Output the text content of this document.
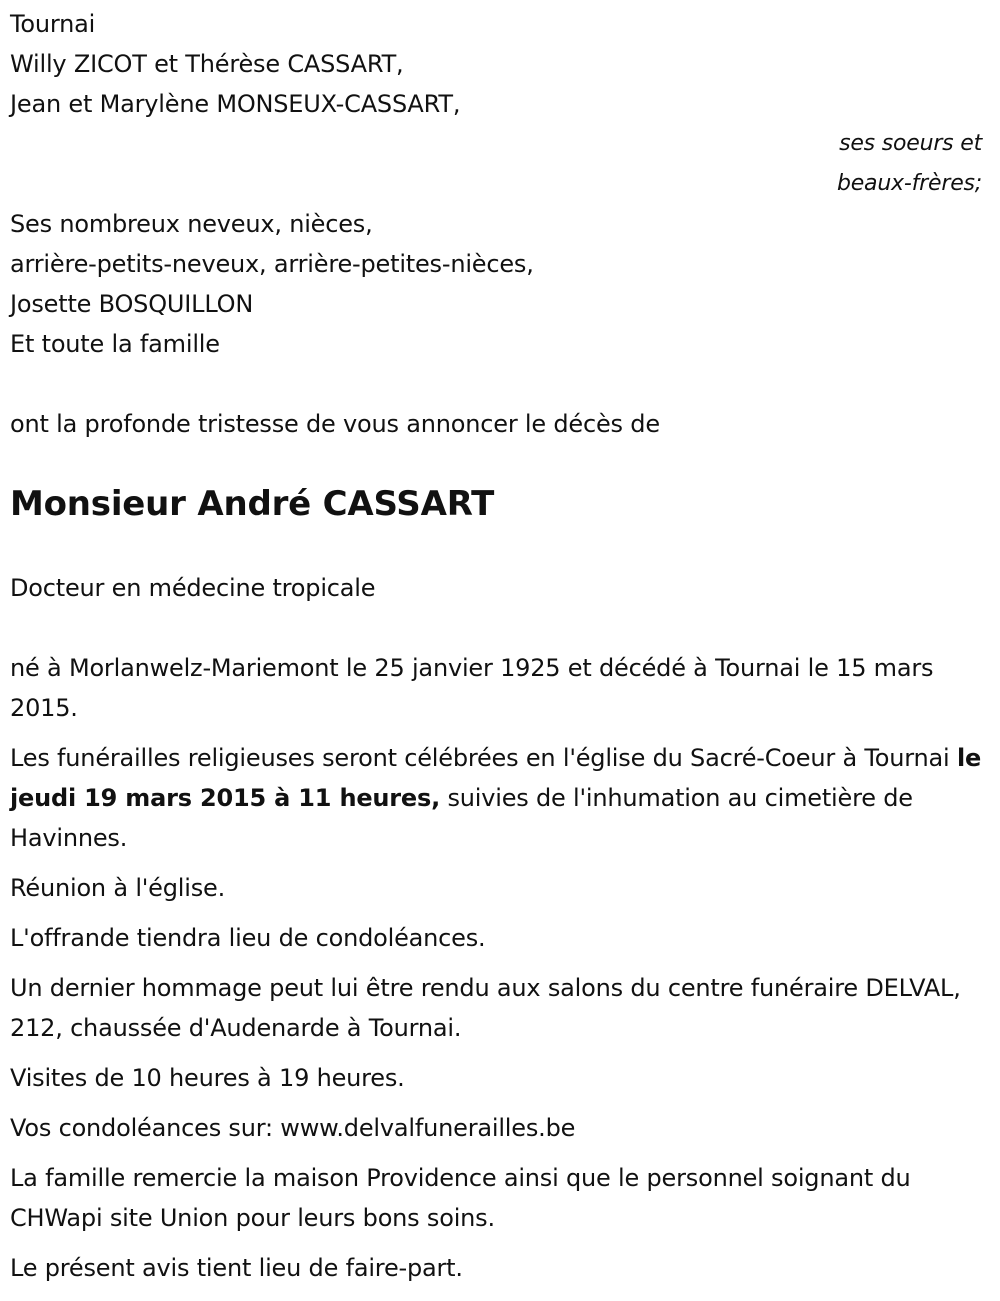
Tournai
Willy ZICOT et Thérèse CASSART,
Jean et Marylène MONSEUX-CASSART,
ses soeurs et
beaux-frères;
Ses nombreux neveux, nièces,
arrière-petits-neveux, arrière-petites-nièces,
Josette BOSQUILLON
Et toute la famille
ont la profonde tristesse de vous annoncer le décès de
Monsieur André CASSART
Docteur en médecine tropicale
né à Morlanwelz-Mariemont le 25 janvier 1925 et décédé à Tournai le 15 mars 2015.
Les funérailles religieuses seront célébrées en l'église du Sacré-Coeur à Tournai le jeudi 19 mars 2015 à 11 heures, suivies de l'inhumation au cimetière de Havinnes.
Réunion à l'église.
L'offrande tiendra lieu de condoléances.
Un dernier hommage peut lui être rendu aux salons du centre funéraire DELVAL, 212, chaussée d'Audenarde à Tournai.
Visites de 10 heures à 19 heures.
Vos condoléances sur: www.delvalfunerailles.be
La famille remercie la maison Providence ainsi que le personnel soignant du CHWapi site Union pour leurs bons soins.
Le présent avis tient lieu de faire-part.
